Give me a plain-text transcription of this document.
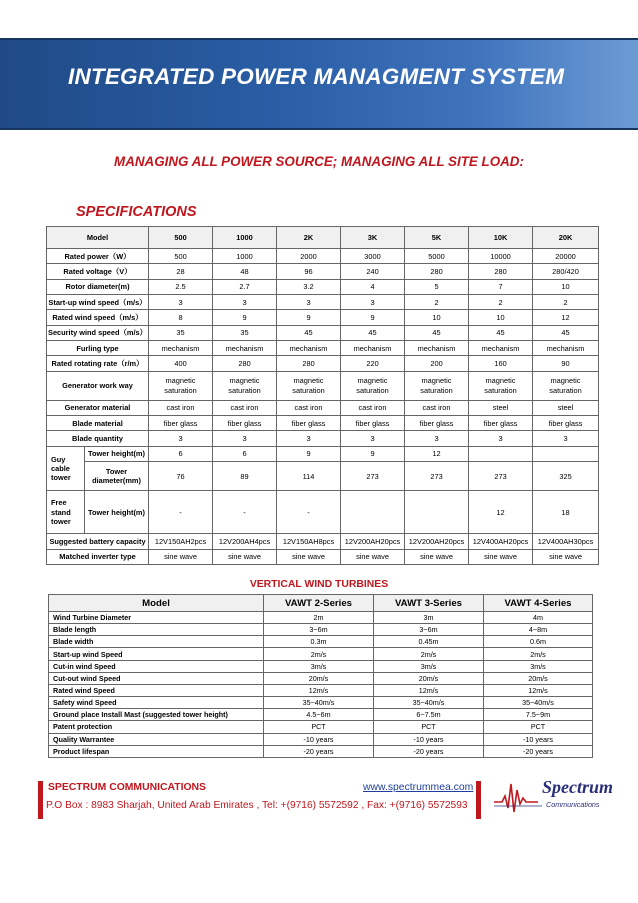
INTEGRATED POWER MANAGMENT SYSTEM
MANAGING ALL POWER SOURCE; MANAGING ALL SITE LOAD:
SPECIFICATIONS
Model		500	1000	2K	3K	5K	10K	20K
Rated power（W）		500	1000	2000	3000	5000	10000	20000
Rated voltage（V）		28	48	96	240	280	280	280/420
Rotor diameter(m)		2.5	2.7	3.2	4	5	7	10
Start-up wind speed（m/s）		3	3	3	3	2	2	2
Rated wind speed（m/s）		8	9	9	9	10	10	12
Security wind speed（m/s）		35	35	45	45	45	45	45
Furling type		mechanism	mechanism	mechanism	mechanism	mechanism	mechanism	mechanism
Rated rotating rate（r/m）		400	280	280	220	200	160	90
Generator work way		magnetic saturation	magnetic saturation	magnetic saturation	magnetic saturation	magnetic saturation	magnetic saturation	magnetic saturation
Generator material		cast iron	cast iron	cast iron	cast iron	cast iron	steel	steel
Blade material		fiber glass	fiber glass	fiber glass	fiber glass	fiber glass	fiber glass	fiber glass
Blade quantity		3	3	3	3	3	3	3
Guy cable tower	Tower height(m)	6	6	9	9	12		
	Tower diameter(mm)	76	89	114	273	273	273	325
Free stand tower	Tower height(m)	-	-	-			12	18
Suggested battery capacity		12V150AH2pcs	12V200AH4pcs	12V150AH8pcs	12V200AH20pcs	12V200AH20pcs	12V400AH20pcs	12V400AH30pcs
Matched inverter type		sine wave	sine wave	sine wave	sine wave	sine wave	sine wave	sine wave
VERTICAL WIND TURBINES
Model	VAWT 2-Series	VAWT 3-Series	VAWT 4-Series
Wind Turbine Diameter	2m	3m	4m
Blade length	3~6m	3~6m	4~8m
Blade width	0.3m	0.45m	0.6m
Start-up wind Speed	2m/s	2m/s	2m/s
Cut-in wind Speed	3m/s	3m/s	3m/s
Cut-out wind Speed	20m/s	20m/s	20m/s
Rated wind Speed	12m/s	12m/s	12m/s
Safety wind Speed	35~40m/s	35~40m/s	35~40m/s
Ground place Install Mast (suggested tower height)	4.5~6m	6~7.5m	7.5~9m
Patent protection	PCT	PCT	PCT
Quality Warrantee	-10 years	-10 years	-10 years
Product lifespan	-20 years	-20 years	-20 years
SPECTRUM COMMUNICATIONS	www.spectrummea.com
P.O Box : 8983 Sharjah, United Arab Emirates , Tel: +(9716) 5572592 , Fax: +(9716) 5572593
Spectrum
Communications
